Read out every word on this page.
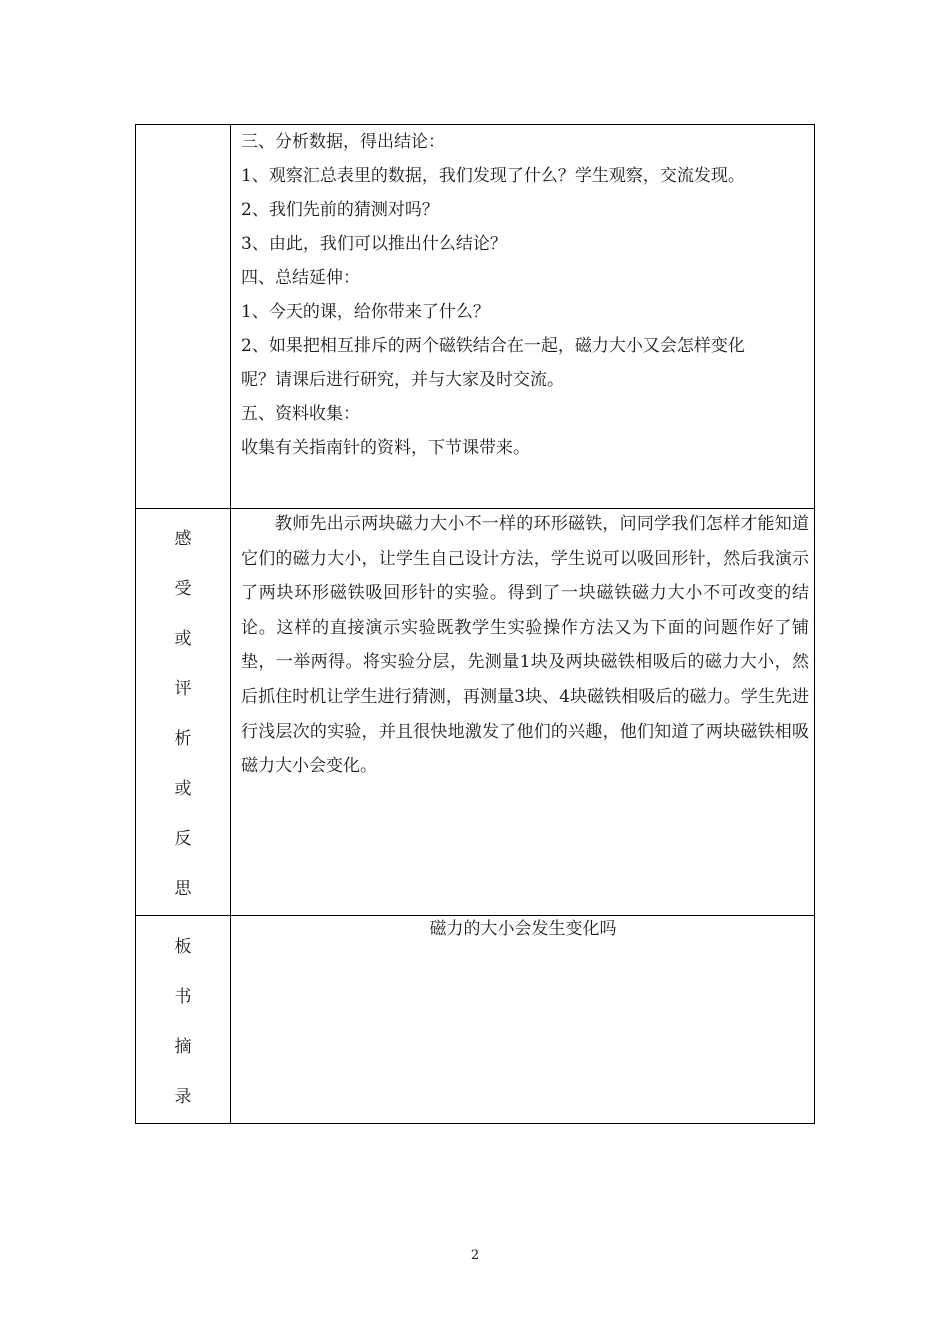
三、分析数据，得出结论：
1、观察汇总表里的数据，我们发现了什么？学生观察，交流发现。
2、我们先前的猜测对吗？
3、由此，我们可以推出什么结论？
四、总结延伸：
1、今天的课，给你带来了什么？
2、如果把相互排斥的两个磁铁结合在一起，磁力大小又会怎样变化
呢？请课后进行研究，并与大家及时交流。
五、资料收集：
收集有关指南针的资料，下节课带来。
感
受
或
评
析
或
反
思
教师先出示两块磁力大小不一样的环形磁铁，问同学我们怎样才能知道它们的磁力大小，让学生自己设计方法，学生说可以吸回形针，然后我演示了两块环形磁铁吸回形针的实验。得到了一块磁铁磁力大小不可改变的结论。这样的直接演示实验既教学生实验操作方法又为下面的问题作好了铺垫，一举两得。将实验分层，先测量1块及两块磁铁相吸后的磁力大小，然后抓住时机让学生进行猜测，再测量3块、4块磁铁相吸后的磁力。学生先进行浅层次的实验，并且很快地激发了他们的兴趣，他们知道了两块磁铁相吸磁力大小会变化。
板
书
摘
录
磁力的大小会发生变化吗
2
